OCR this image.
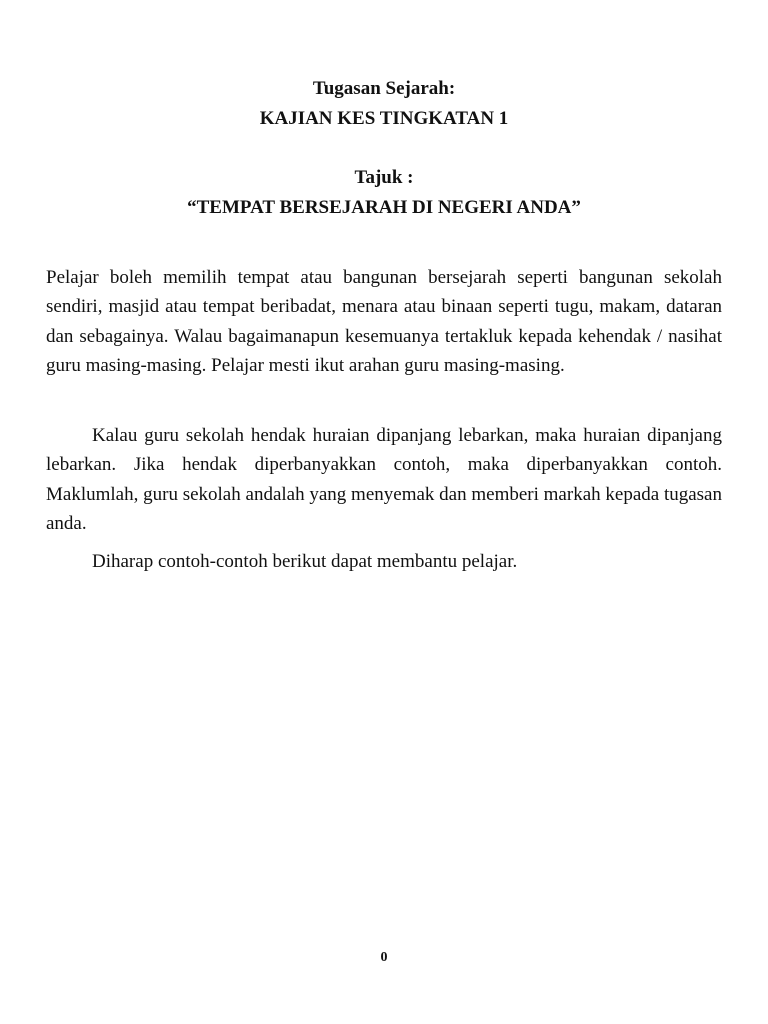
Tugasan Sejarah:
KAJIAN KES TINGKATAN 1
Tajuk :
“TEMPAT BERSEJARAH DI NEGERI ANDA”

Pelajar boleh memilih tempat atau bangunan bersejarah seperti bangunan sekolah sendiri, masjid atau tempat beribadat, menara atau binaan seperti tugu, makam, dataran dan sebagainya. Walau bagaimanapun kesemuanya tertakluk kepada kehendak / nasihat guru masing-masing. Pelajar mesti ikut arahan guru masing-masing.

Kalau guru sekolah hendak huraian dipanjang lebarkan, maka huraian dipanjang lebarkan. Jika hendak diperbanyakkan contoh, maka diperbanyakkan contoh. Maklumlah, guru sekolah andalah yang menyemak dan memberi markah kepada tugasan anda.

Diharap contoh-contoh berikut dapat membantu pelajar.

0
